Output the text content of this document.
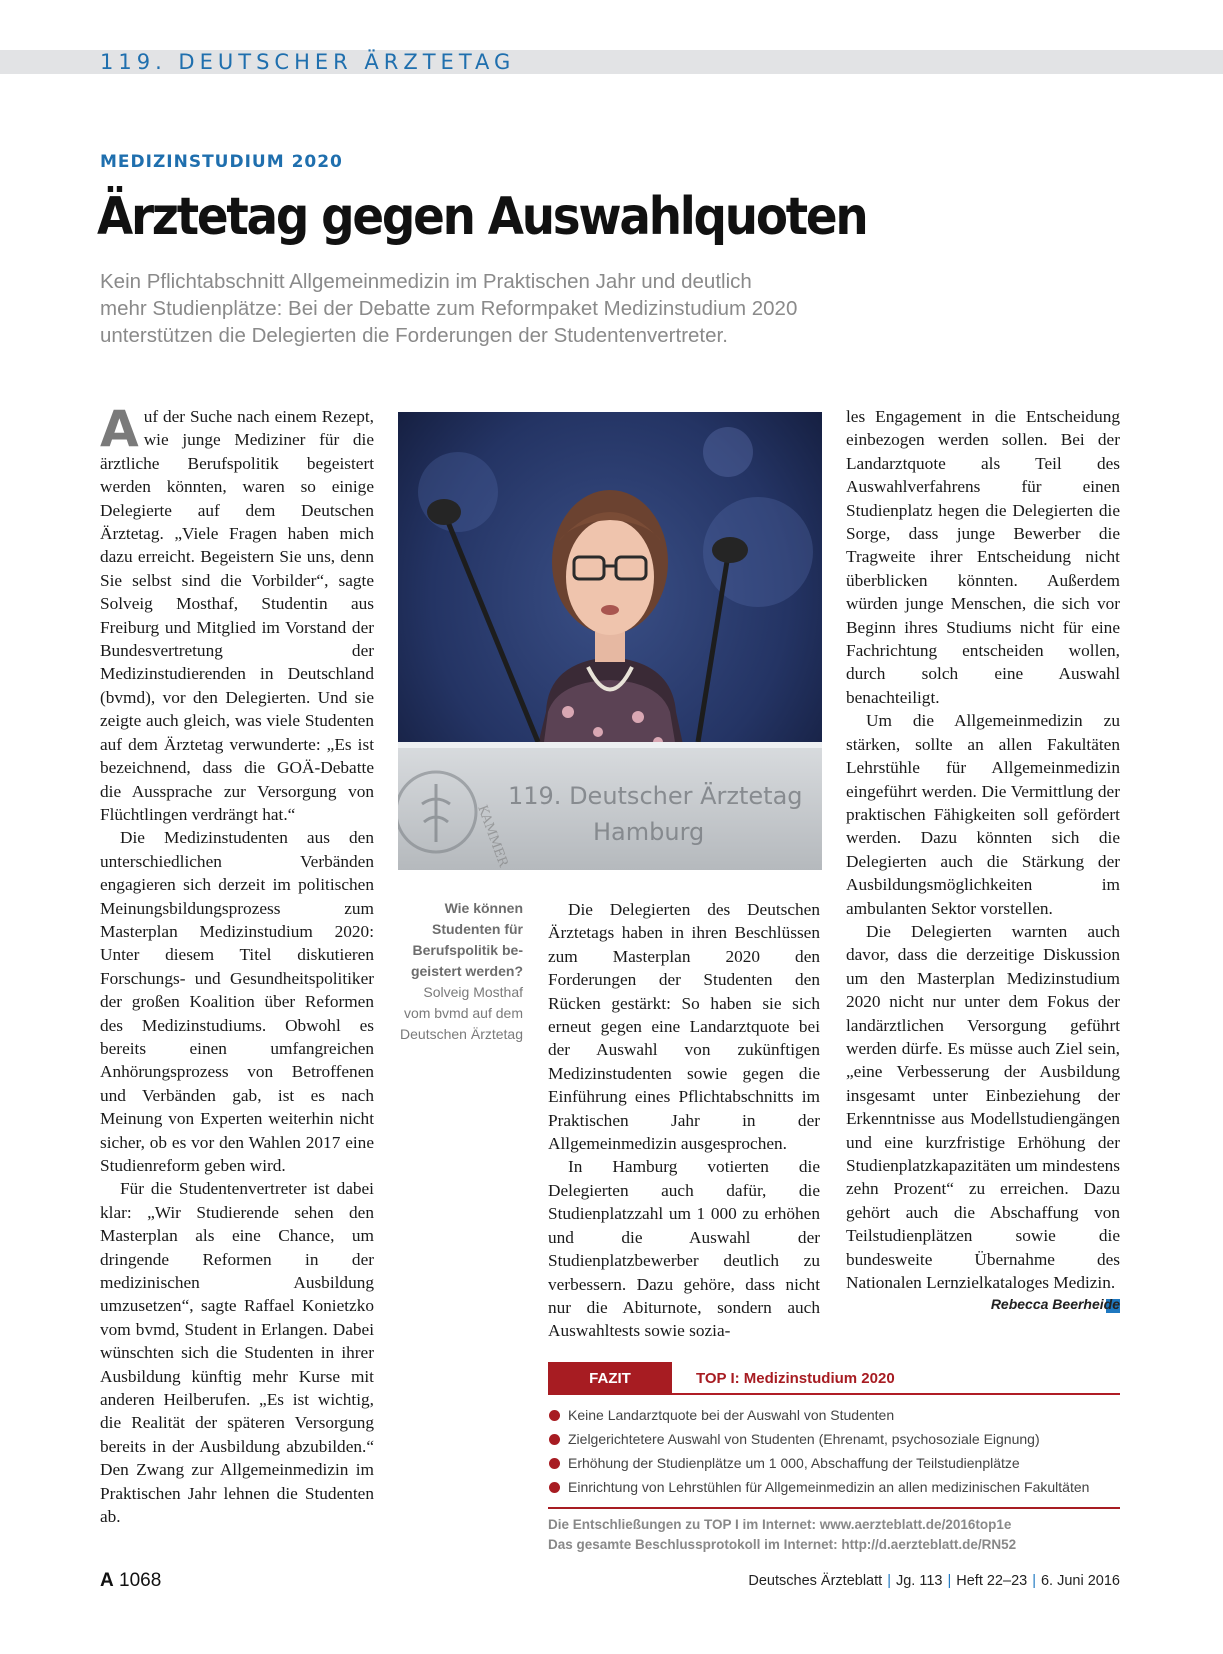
119. DEUTSCHER ÄRZTETAG
MEDIZINSTUDIUM 2020
Ärztetag gegen Auswahlquoten
Kein Pflichtabschnitt Allgemeinmedizin im Praktischen Jahr und deutlich
mehr Studienplätze: Bei der Debatte zum Reformpaket Medizinstudium 2020
unterstützen die Delegierten die Forderungen der Studentenvertreter.

Auf der Suche nach einem Rezept, wie junge Mediziner für die ärztliche Berufspolitik begeistert werden könnten, waren so einige Delegierte auf dem Deutschen Ärztetag. „Viele Fragen haben mich dazu erreicht. Begeistern Sie uns, denn Sie selbst sind die Vorbilder“, sagte Solveig Mosthaf, Studentin aus Freiburg und Mitglied im Vorstand der Bundesvertretung der Medizinstudierenden in Deutschland (bvmd), vor den Delegierten. Und sie zeigte auch gleich, was viele Studenten auf dem Ärztetag verwunderte: „Es ist bezeichnend, dass die GOÄ-Debatte die Aussprache zur Versorgung von Flüchtlingen verdrängt hat.“

Die Medizinstudenten aus den unterschiedlichen Verbänden engagieren sich derzeit im politischen Meinungsbildungsprozess zum Masterplan Medizinstudium 2020: Unter diesem Titel diskutieren Forschungs- und Gesundheitspolitiker der großen Koalition über Reformen des Medizinstudiums. Obwohl es bereits einen umfangreichen Anhörungsprozess von Betroffenen und Verbänden gab, ist es nach Meinung von Experten weiterhin nicht sicher, ob es vor den Wahlen 2017 eine Studienreform geben wird.

Für die Studentenvertreter ist dabei klar: „Wir Studierende sehen den Masterplan als eine Chance, um dringende Reformen in der medizinischen Ausbildung umzusetzen“, sagte Raffael Konietzko vom bvmd, Student in Erlangen. Dabei wünschten sich die Studenten in ihrer Ausbildung künftig mehr Kurse mit anderen Heilberufen. „Es ist wichtig, die Realität der späteren Versorgung bereits in der Ausbildung abzubilden.“ Den Zwang zur Allgemeinmedizin im Praktischen Jahr lehnen die Studenten ab.

KAMMER
119. Deutscher Ärztetag
Hamburg
Wie können
Studenten für
Berufspolitik be-
geistert werden?
Solveig Mosthaf
vom bvmd auf dem
Deutschen Ärztetag

Die Delegierten des Deutschen Ärztetags haben in ihren Beschlüssen zum Masterplan 2020 den Forderungen der Studenten den Rücken gestärkt: So haben sie sich erneut gegen eine Landarztquote bei der Auswahl von zukünftigen Medizinstudenten sowie gegen die Einführung eines Pflichtabschnitts im Praktischen Jahr in der Allgemeinmedizin ausgesprochen.

In Hamburg votierten die Delegierten auch dafür, die Studienplatzzahl um 1 000 zu erhöhen und die Auswahl der Studienplatzbewerber deutlich zu verbessern. Dazu gehöre, dass nicht nur die Abiturnote, sondern auch Auswahltests sowie sozia-

les Engagement in die Entscheidung einbezogen werden sollen. Bei der Landarztquote als Teil des Auswahlverfahrens für einen Studienplatz hegen die Delegierten die Sorge, dass junge Bewerber die Tragweite ihrer Entscheidung nicht überblicken könnten. Außerdem würden junge Menschen, die sich vor Beginn ihres Studiums nicht für eine Fachrichtung entscheiden wollen, durch solch eine Auswahl benachteiligt.

Um die Allgemeinmedizin zu stärken, sollte an allen Fakultäten Lehrstühle für Allgemeinmedizin eingeführt werden. Die Vermittlung der praktischen Fähigkeiten soll gefördert werden. Dazu könnten sich die Delegierten auch die Stärkung der Ausbildungsmöglichkeiten im ambulanten Sektor vorstellen.

Die Delegierten warnten auch davor, dass die derzeitige Diskussion um den Masterplan Medizinstudium 2020 nicht nur unter dem Fokus der landärztlichen Versorgung geführt werden dürfe. Es müsse auch Ziel sein, „eine Verbesserung der Ausbildung insgesamt unter Einbeziehung der Erkenntnisse aus Modellstudiengängen und eine kurzfristige Erhöhung der Studienplatzkapazitäten um mindestens zehn Prozent“ zu erreichen. Dazu gehört auch die Abschaffung von Teilstudienplätzen sowie die bundesweite Übernahme des Nationalen Lernzielkataloges Medizin.

Rebecca Beerheide
FAZIT	TOP I: Medizinstudium 2020
Keine Landarztquote bei der Auswahl von Studenten
Zielgerichtetere Auswahl von Studenten (Ehrenamt, psychosoziale Eignung)
Erhöhung der Studienplätze um 1 000, Abschaffung der Teilstudienplätze
Einrichtung von Lehrstühlen für Allgemeinmedizin an allen medizinischen Fakultäten
Die Entschließungen zu TOP I im Internet: www.aerzteblatt.de/2016top1e
Das gesamte Beschlussprotokoll im Internet: http://d.aerzteblatt.de/RN52
A 1068	Deutsches Ärzteblatt | Jg. 113 | Heft 22–23 | 6. Juni 2016
